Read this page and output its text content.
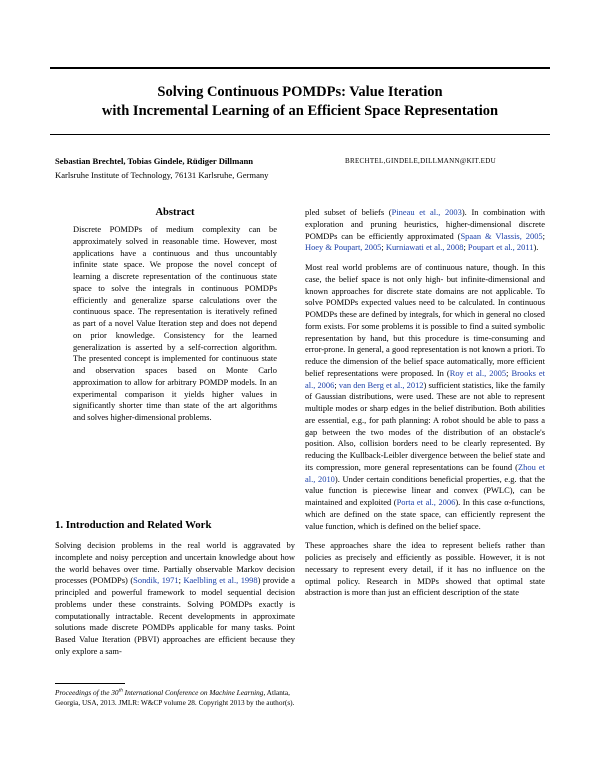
Solving Continuous POMDPs: Value Iteration
with Incremental Learning of an Efficient Space Representation
Sebastian Brechtel, Tobias Gindele, Rüdiger Dillmann	BRECHTEL,GINDELE,DILLMANN@KIT.EDU
Karlsruhe Institute of Technology, 76131 Karlsruhe, Germany
Abstract
Discrete POMDPs of medium complexity can be approximately solved in reasonable time. However, most applications have a continuous and thus uncountably infinite state space. We propose the novel concept of learning a discrete representation of the continuous state space to solve the integrals in continuous POMDPs efficiently and generalize sparse calculations over the continuous space. The representation is iteratively refined as part of a novel Value Iteration step and does not depend on prior knowledge. Consistency for the learned generalization is asserted by a self-correction algorithm. The presented concept is implemented for continuous state and observation spaces based on Monte Carlo approximation to allow for arbitrary POMDP models. In an experimental comparison it yields higher values in significantly shorter time than state of the art algorithms and solves higher-dimensional problems.
1. Introduction and Related Work

Solving decision problems in the real world is aggravated by incomplete and noisy perception and uncertain knowledge about how the world behaves over time. Partially observable Markov decision processes (POMDPs) (Sondik, 1971; Kaelbling et al., 1998) provide a principled and powerful framework to model sequential decision problems under these constraints. Solving POMDPs exactly is computationally intractable. Recent developments in approximate solutions made discrete POMDPs applicable for many tasks. Point Based Value Iteration (PBVI) approaches are efficient because they only explore a sam-

pled subset of beliefs (Pineau et al., 2003). In combination with exploration and pruning heuristics, higher-dimensional discrete POMDPs can be efficiently approximated (Spaan & Vlassis, 2005; Hoey & Poupart, 2005; Kurniawati et al., 2008; Poupart et al., 2011).

Most real world problems are of continuous nature, though. In this case, the belief space is not only high- but infinite-dimensional and known approaches for discrete state domains are not applicable. To solve POMDPs expected values need to be calculated. In continuous POMDPs these are defined by integrals, for which in general no closed form exists. For some problems it is possible to find a suited symbolic representation by hand, but this procedure is time-consuming and error-prone. In general, a good representation is not known a priori. To reduce the dimension of the belief space automatically, more efficient belief representations were proposed. In (Roy et al., 2005; Brooks et al., 2006; van den Berg et al., 2012) sufficient statistics, like the family of Gaussian distributions, were used. These are not able to represent multiple modes or sharp edges in the belief distribution. Both abilities are essential, e.g., for path planning: A robot should be able to pass a gap between the two modes of the distribution of an obstacle's position. Also, collision borders need to be clearly represented. By reducing the Kullback-Leibler divergence between the belief state and its compression, more general representations can be found (Zhou et al., 2010). Under certain conditions beneficial properties, e.g. that the value function is piecewise linear and convex (PWLC), can be maintained and exploited (Porta et al., 2006). In this case α-functions, which are defined on the state space, can efficiently represent the value function, which is defined on the belief space.

These approaches share the idea to represent beliefs rather than policies as precisely and efficiently as possible. However, it is not necessary to represent every detail, if it has no influence on the optimal policy. Research in MDPs showed that optimal state abstraction is more than just an efficient description of the state

Proceedings of the 30th International Conference on Machine Learning, Atlanta, Georgia, USA, 2013. JMLR: W&CP volume 28. Copyright 2013 by the author(s).
